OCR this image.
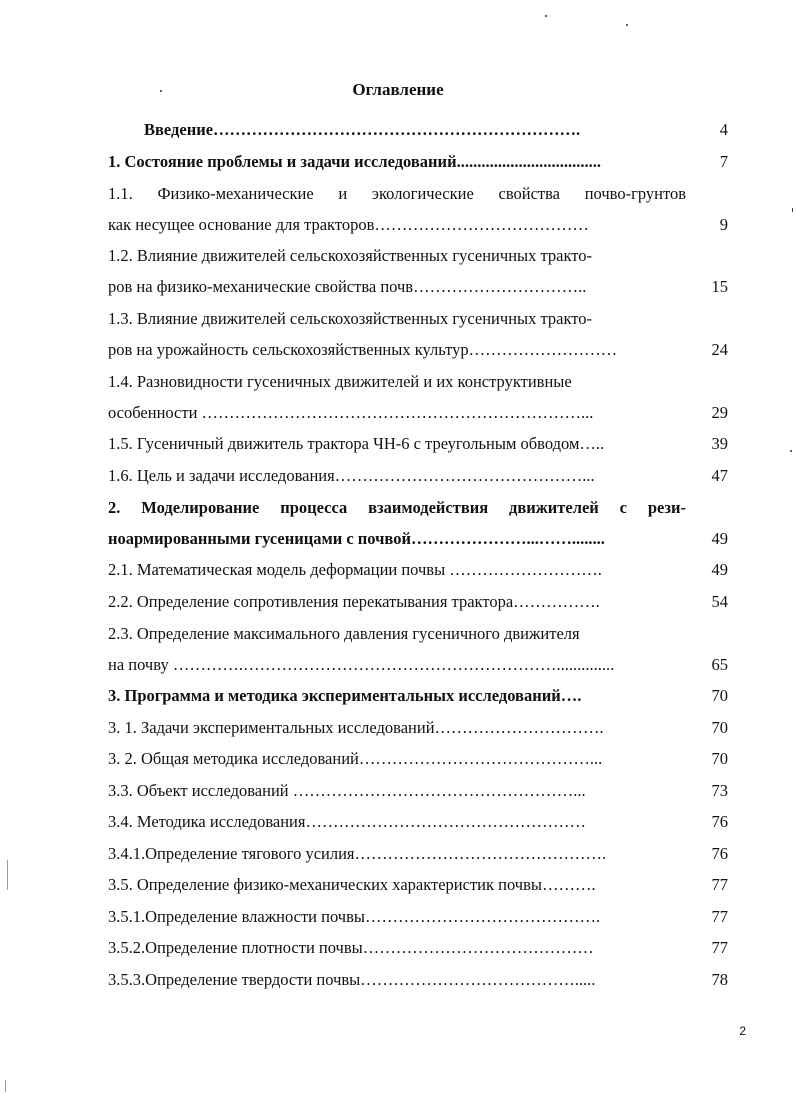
Оглавление
Введение………………………………………………………….	4
1. Состояние проблемы и задачи исследований...................................	7
1.1. Физико-механические и экологические свойства почво-грунтов
как несущее основание для тракторов…………………………………	9
1.2. Влияние движителей сельскохозяйственных гусеничных тракто-
ров на физико-механические свойства почв…………………………..	15
1.3. Влияние движителей сельскохозяйственных гусеничных тракто-
ров на урожайность сельскохозяйственных культур………………………	24
1.4. Разновидности гусеничных движителей и их конструктивные
особенности ……………………………………………………………...	29
1.5. Гусеничный движитель трактора ЧН-6 с треугольным обводом…..	39
1.6. Цель и задачи исследования………………………………………...	47
2. Моделирование процесса взаимодействия движителей с рези-
ноармированными гусеницами с почвой…………………...……........	49
2.1. Математическая модель деформации почвы ……………………….	49
2.2. Определение сопротивления перекатывания трактора…………….	54
2.3. Определение максимального давления гусеничного движителя
на почву ………….…………………………………………………..............	65
3. Программа и методика экспериментальных исследований….	70
3. 1. Задачи экспериментальных исследований………………………….	70
3. 2. Общая методика исследований……………………………………...	70
3.3. Объект исследований ……………………………………………...	73
3.4. Методика исследования……………………………………………	76
3.4.1.Определение тягового усилия……………………………………….	76
3.5. Определение физико-механических характеристик почвы……….	77
3.5.1.Определение влажности почвы…………………………………….	77
3.5.2.Определение плотности почвы……………………………………	77
3.5.3.Определение твердости почвы………………………………….....	78
2
